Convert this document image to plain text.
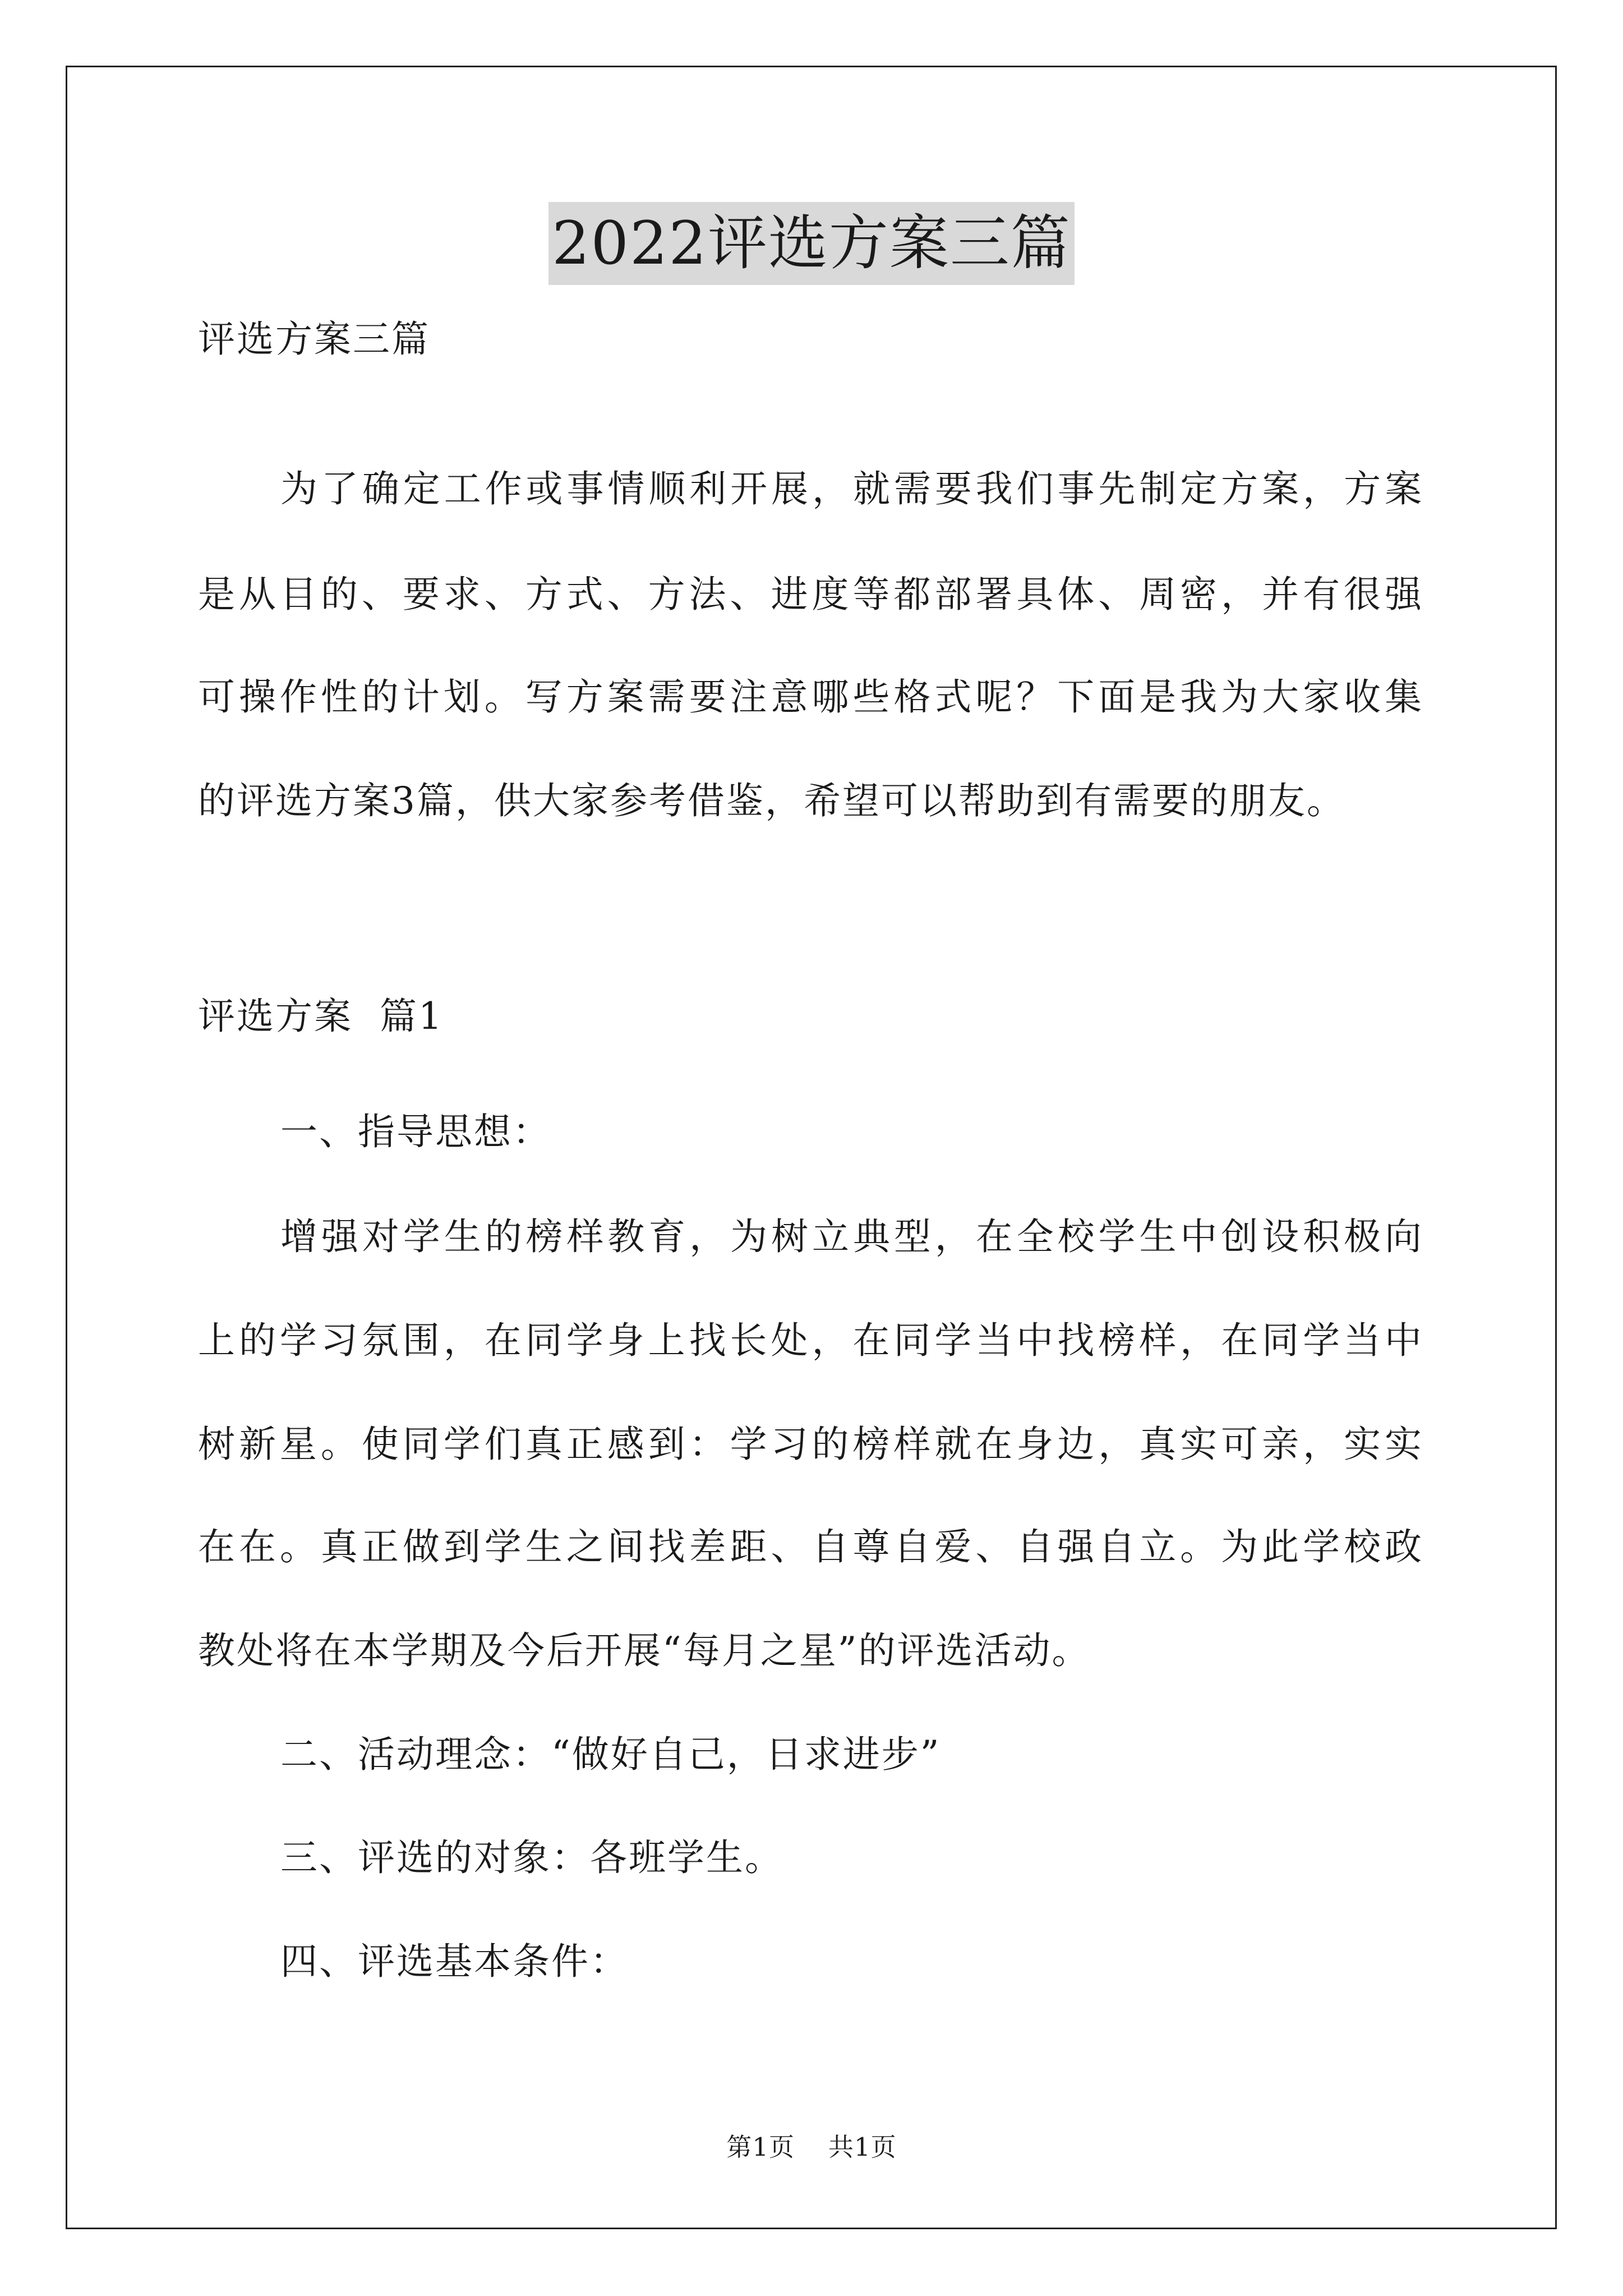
2022评选方案三篇
评选方案三篇
为了确定工作或事情顺利开展，就需要我们事先制定方案，方案
是从目的、要求、方式、方法、进度等都部署具体、周密，并有很强
可操作性的计划。写方案需要注意哪些格式呢？下面是我为大家收集
的评选方案3篇，供大家参考借鉴，希望可以帮助到有需要的朋友。
评选方案  篇1
一、指导思想：
增强对学生的榜样教育，为树立典型，在全校学生中创设积极向
上的学习氛围，在同学身上找长处，在同学当中找榜样，在同学当中
树新星。使同学们真正感到：学习的榜样就在身边，真实可亲，实实
在在。真正做到学生之间找差距、自尊自爱、自强自立。为此学校政
教处将在本学期及今后开展“每月之星”的评选活动。
二、活动理念：“做好自己，日求进步”
三、评选的对象：各班学生。
四、评选基本条件：
第1页 共1页
